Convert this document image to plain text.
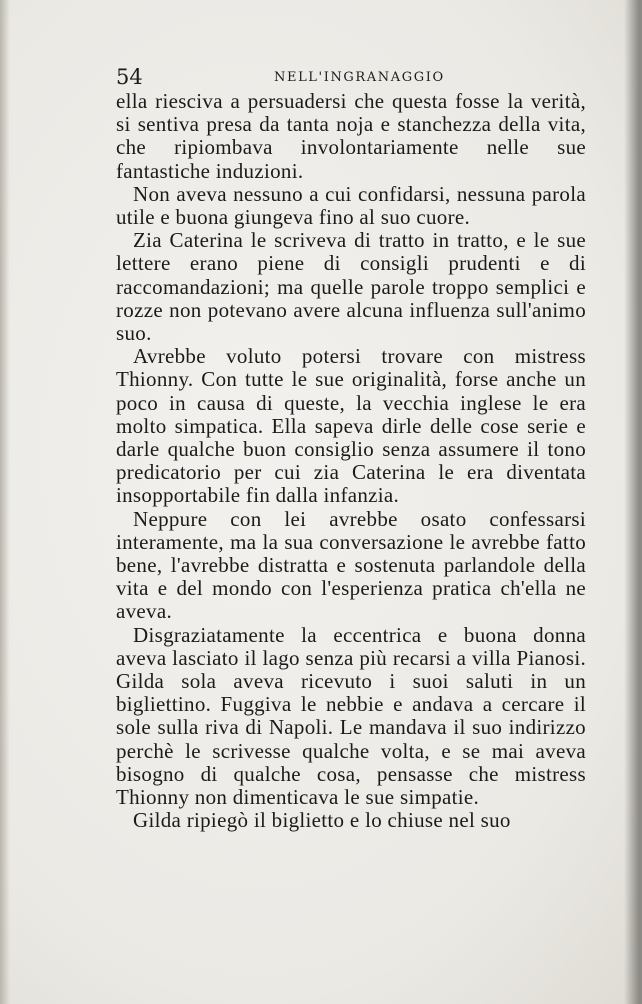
54	NELL'INGRANAGGIO

ella riesciva a persuadersi che questa fosse la verità, si sentiva presa da tanta noja e stanchezza della vita, che ripiombava involontariamente nelle sue fantastiche induzioni.

Non aveva nessuno a cui confidarsi, nessuna parola utile e buona giungeva fino al suo cuore.

Zia Caterina le scriveva di tratto in tratto, e le sue lettere erano piene di consigli prudenti e di raccomandazioni; ma quelle parole troppo semplici e rozze non potevano avere alcuna influenza sull'animo suo.

Avrebbe voluto potersi trovare con mistress Thionny. Con tutte le sue originalità, forse anche un poco in causa di queste, la vecchia inglese le era molto simpatica. Ella sapeva dirle delle cose serie e darle qualche buon consiglio senza assumere il tono predicatorio per cui zia Caterina le era diventata insopportabile fin dalla infanzia.

Neppure con lei avrebbe osato confessarsi interamente, ma la sua conversazione le avrebbe fatto bene, l'avrebbe distratta e sostenuta parlandole della vita e del mondo con l'esperienza pratica ch'ella ne aveva.

Disgraziatamente la eccentrica e buona donna aveva lasciato il lago senza più recarsi a villa Pianosi. Gilda sola aveva ricevuto i suoi saluti in un bigliettino. Fuggiva le nebbie e andava a cercare il sole sulla riva di Napoli. Le mandava il suo indirizzo perchè le scrivesse qualche volta, e se mai aveva bisogno di qualche cosa, pensasse che mistress Thionny non dimenticava le sue simpatie.

Gilda ripiegò il biglietto e lo chiuse nel suo
